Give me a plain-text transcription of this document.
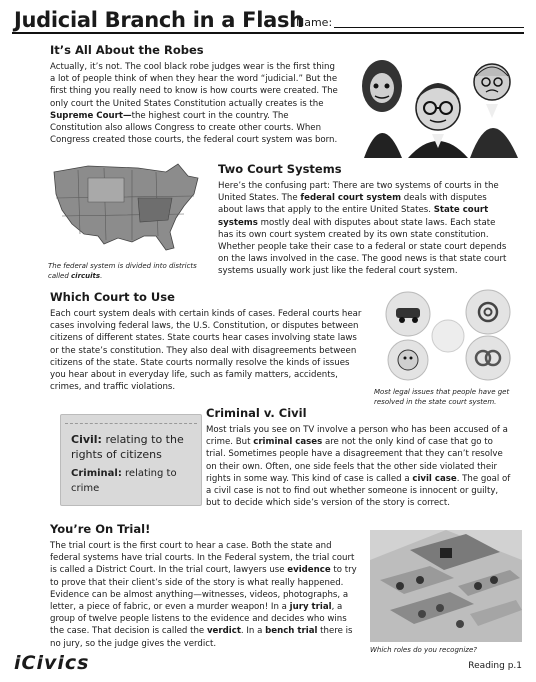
Judicial Branch in a Flash
Name:
It’s All About the Robes

Actually, it’s not. The cool black robe judges wear is the first thing a lot of people think of when they hear the word “judicial.” But the first thing you really need to know is how courts were created. The only court the United States Constitution actually creates is the Supreme Court—the highest court in the country. The Constitution also allows Congress to create other courts. When Congress created those courts, the federal court system was born.

The federal system is divided into districts called circuits.
Two Court Systems

Here’s the confusing part: There are two systems of courts in the United States. The federal court system deals with disputes about laws that apply to the entire United States. State court systems mostly deal with disputes about state laws. Each state has its own court system created by its own state constitution. Whether people take their case to a federal or state court depends on the laws involved in the case. The good news is that state court systems usually work just like the federal court system.

Which Court to Use

Each court system deals with certain kinds of cases. Federal courts hear cases involving federal laws, the U.S. Constitution, or disputes between citizens of different states. State courts hear cases involving state laws or the state’s constitution. They also deal with disagreements between citizens of the state. State courts normally resolve the kinds of issues you hear about in everyday life, such as family matters, accidents, crimes, and traffic violations.	Most legal issues that people have get resolved in the state court system.
Civil: relating to the rights of citizens
Criminal: relating to crime
Criminal v. Civil

Most trials you see on TV involve a person who has been accused of a crime. But criminal cases are not the only kind of case that go to trial. Sometimes people have a disagreement that they can’t resolve on their own. Often, one side feels that the other side violated their rights in some way. This kind of case is called a civil case. The goal of a civil case is not to find out whether someone is innocent or guilty, but to decide which side’s version of the story is correct.

You’re On Trial!

The trial court is the first court to hear a case. Both the state and federal systems have trial courts. In the Federal system, the trial court is called a District Court. In the trial court, lawyers use evidence to try to prove that their client’s side of the story is what really happened. Evidence can be almost anything—witnesses, videos, photographs, a letter, a piece of fabric, or even a murder weapon! In a jury trial, a group of twelve people listens to the evidence and decides who wins the case. That decision is called the verdict. In a bench trial there is no jury, so the judge gives the verdict.

Which roles do you recognize?
iCivics	Reading p.1
